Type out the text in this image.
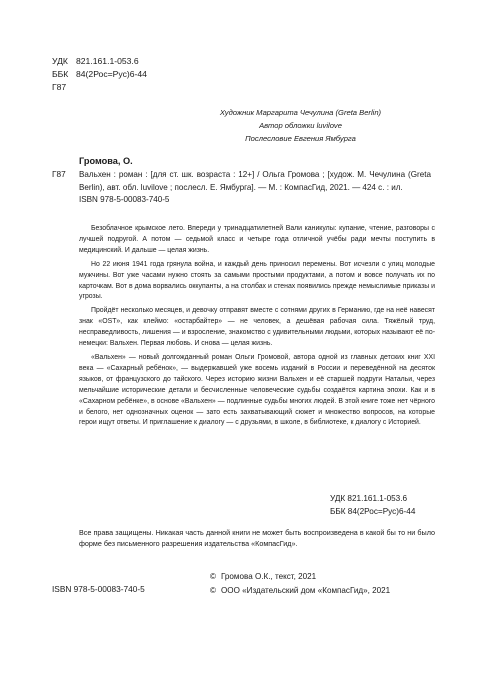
УДК 821.161.1-053.6
ББК 84(2Рос=Рус)6-44
Г87
Художник Маргарита Чечулина (Greta Berlin)
Автор обложки luvilove
Послесловие Евгения Ямбурга
Громова, О.
Г87 Вальхен : роман : [для ст. шк. возраста : 12+] / Ольга Громова ; [худож. М. Чечулина (Greta Berlin), авт. обл. luvilove ; послесл. Е. Ямбурга]. — М. : КомпасГид, 2021. — 424 с. : ил.
ISBN 978-5-00083-740-5

Безоблачное крымское лето. Впереди у тринадцатилетней Вали каникулы: купание, чтение, разговоры с лучшей подругой. А потом — седьмой класс и четыре года отличной учёбы ради мечты поступить в медицинский. И дальше — целая жизнь.

Но 22 июня 1941 года грянула война, и каждый день приносил перемены. Вот исчезли с улиц молодые мужчины. Вот уже часами нужно стоять за самыми простыми продуктами, а потом и вовсе получать их по карточкам. Вот в дома ворвались оккупанты, а на столбах и стенах появились прежде немыслимые приказы и угрозы.

Пройдёт несколько месяцев, и девочку отправят вместе с сотнями других в Германию, где на неё навесят знак «OST», как клеймо: «остарбайтер» — не человек, а дешёвая рабочая сила. Тяжёлый труд, несправедливость, лишения — и взросление, знакомство с удивительными людьми, которых называют её по-немецки: Вальхен. Первая любовь. И снова — целая жизнь.

«Вальхен» — новый долгожданный роман Ольги Громовой, автора одной из главных детских книг XXI века — «Сахарный ребёнок», — выдержавшей уже восемь изданий в России и переведённой на десяток языков, от французского до тайского. Через историю жизни Вальхен и её старшей подруги Натальи, через мельчайшие исторические детали и бесчисленные человеческие судьбы создаётся картина эпохи. Как и в «Сахарном ребёнке», в основе «Вальхен» — подлинные судьбы многих людей. В этой книге тоже нет чёрного и белого, нет однозначных оценок — зато есть захватывающий сюжет и множество вопросов, на которые герои ищут ответы. И приглашение к диалогу — с друзьями, в школе, в библиотеке, к диалогу с Историей.

УДК 821.161.1-053.6
ББК 84(2Рос=Рус)6-44
Все права защищены. Никакая часть данной книги не может быть воспроизведена в какой бы то ни было форме без письменного разрешения издательства «КомпасГид».
© Громова О.К., текст, 2021
© ООО «Издательский дом «КомпасГид», 2021
ISBN 978-5-00083-740-5
